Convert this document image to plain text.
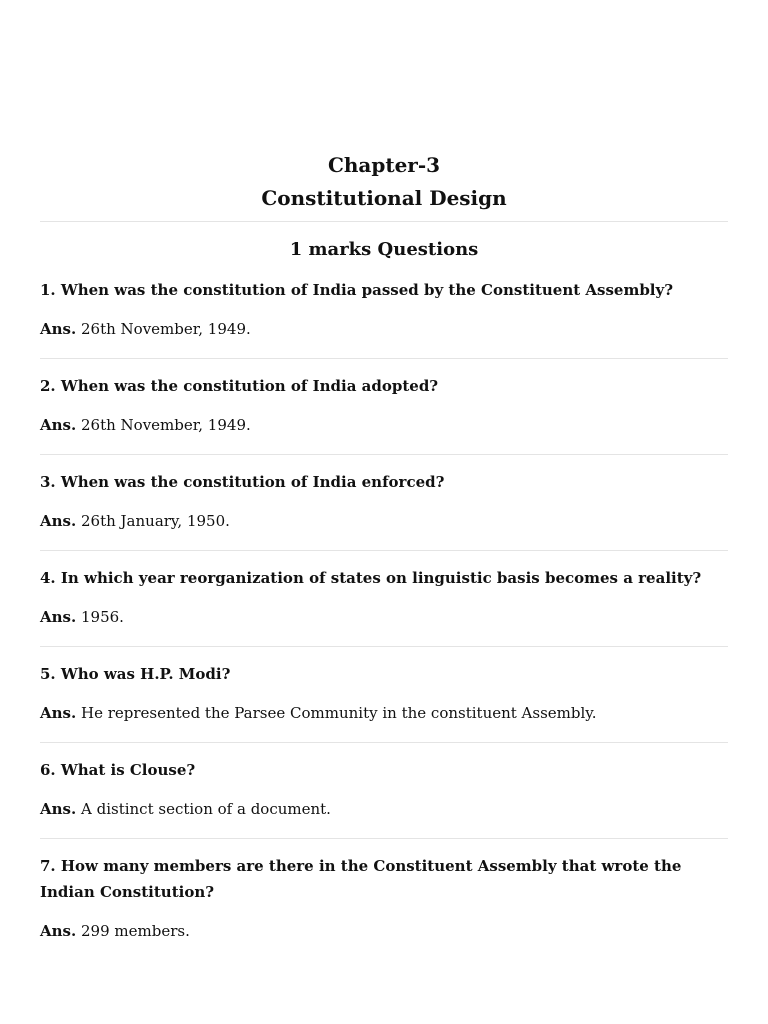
Chapter-3
Constitutional Design
1 marks Questions
1. When was the constitution of India passed by the Constituent Assembly?
Ans. 26th November, 1949.
2. When was the constitution of India adopted?
Ans. 26th November, 1949.
3. When was the constitution of India enforced?
Ans. 26th January, 1950.
4. In which year reorganization of states on linguistic basis becomes a reality?
Ans. 1956.
5. Who was H.P. Modi?
Ans. He represented the Parsee Community in the constituent Assembly.
6. What is Clouse?
Ans. A distinct section of a document.
7. How many members are there in the Constituent Assembly that wrote the Indian Constitution?
Ans. 299 members.
